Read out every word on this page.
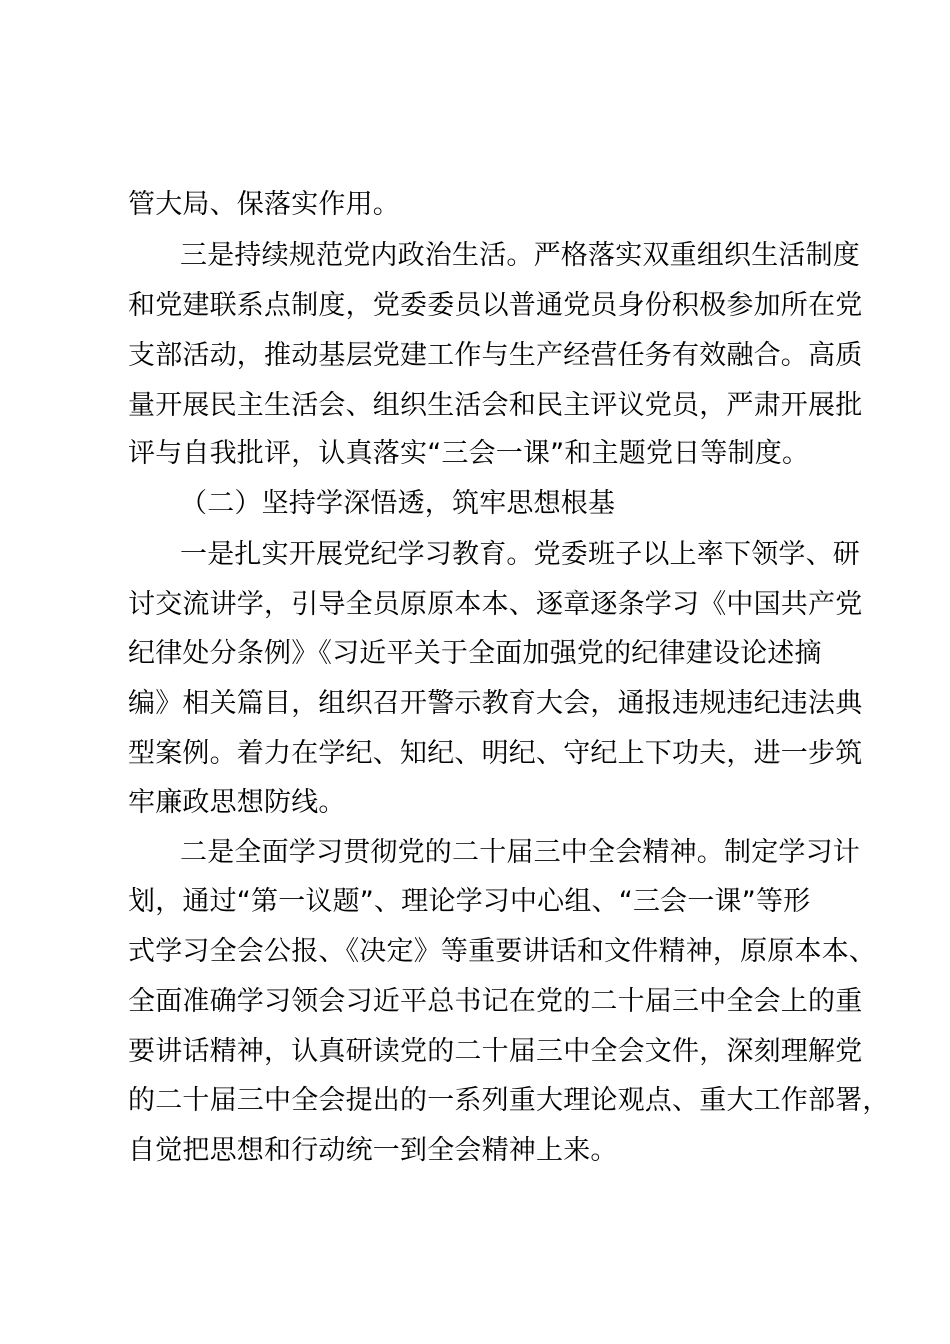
管大局、保落实作用。

三是持续规范党内政治生活。严格落实双重组织生活制度

和党建联系点制度，党委委员以普通党员身份积极参加所在党

支部活动，推动基层党建工作与生产经营任务有效融合。高质

量开展民主生活会、组织生活会和民主评议党员，严肃开展批

评与自我批评，认真落实“三会一课”和主题党日等制度。

（二）坚持学深悟透，筑牢思想根基

一是扎实开展党纪学习教育。党委班子以上率下领学、研

讨交流讲学，引导全员原原本本、逐章逐条学习《中国共产党

纪律处分条例》《习近平关于全面加强党的纪律建设论述摘

编》相关篇目，组织召开警示教育大会，通报违规违纪违法典

型案例。着力在学纪、知纪、明纪、守纪上下功夫，进一步筑

牢廉政思想防线。

二是全面学习贯彻党的二十届三中全会精神。制定学习计

划，通过“第一议题”、理论学习中心组、“三会一课”等形

式学习全会公报、《决定》等重要讲话和文件精神，原原本本、

全面准确学习领会习近平总书记在党的二十届三中全会上的重

要讲话精神，认真研读党的二十届三中全会文件，深刻理解党

的二十届三中全会提出的一系列重大理论观点、重大工作部署，

自觉把思想和行动统一到全会精神上来。
